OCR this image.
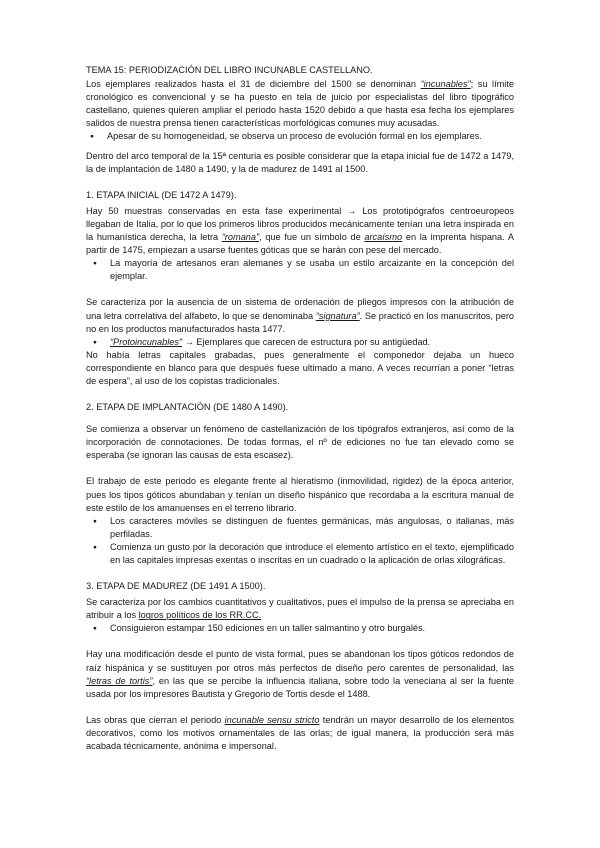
TEMA 15: PERIODIZACIÓN DEL LIBRO INCUNABLE CASTELLANO.

Los ejemplares realizados hasta el 31 de diciembre del 1500 se denominan “incunables”; su límite cronológico es convencional y se ha puesto en tela de juicio por especialistas del libro tipográfico castellano, quienes quieren ampliar el periodo hasta 1520 debido a que hasta esa fecha los ejemplares salidos de nuestra prensa tienen características morfológicas comunes muy acusadas.

● Apesar de su homogeneidad, se observa un proceso de evolución formal en los ejemplares.

Dentro del arco temporal de la 15ª centuria es posible considerar que la etapa inicial fue de 1472 a 1479, la de implantación de 1480 a 1490, y la de madurez de 1491 al 1500.

1. ETAPA INICIAL (DE 1472 A 1479).

Hay 50 muestras conservadas en esta fase experimental → Los prototipógrafos centroeuropeos llegaban de Italia, por lo que los primeros libros producidos mecánicamente tenían una letra inspirada en la humanística derecha, la letra “romana”, que fue un símbolo de arcaísmo en la imprenta hispana. A partir de 1475, empiezan a usarse fuentes góticas que se harán con pese del mercado.

● La mayoría de artesanos eran alemanes y se usaba un estilo arcaizante en la concepción del ejemplar.

Se caracteriza por la ausencia de un sistema de ordenación de pliegos impresos con la atribución de una letra correlativa del alfabeto, lo que se denominaba “signatura”. Se practicó en los manuscritos, pero no en los productos manufacturados hasta 1477.

● “Protoincunables” → Ejemplares que carecen de estructura por su antigüedad.

No había letras capitales grabadas, pues generalmente el componedor dejaba un hueco correspondiente en blanco para que después fuese ultimado a mano. A veces recurrían a poner “letras de espera”, al uso de los copistas tradicionales.

2. ETAPA DE IMPLANTACIÓN (DE 1480 A 1490).

Se comienza a observar un fenómeno de castellanización de los tipógrafos extranjeros, así como de la incorporación de connotaciones. De todas formas, el nº de ediciones no fue tan elevado como se esperaba (se ignoran las causas de esta escasez).

El trabajo de este periodo es elegante frente al hieratismo (inmovilidad, rigidez) de la época anterior, pues los tipos góticos abundaban y tenían un diseño hispánico que recordaba a la escritura manual de este estilo de los amanuenses en el terreno librario.

● Los caracteres móviles se distinguen de fuentes germánicas, más angulosas, o italianas, más perfiladas.
● Comienza un gusto por la decoración que introduce el elemento artístico en el texto, ejemplificado en las capitales impresas exentas o inscritas en un cuadrado o la aplicación de orlas xilográficas.
3. ETAPA DE MADUREZ (DE 1491 A 1500).

Se caracteriza por los cambios cuantitativos y cualitativos, pues el impulso de la prensa se apreciaba en atribuir a los logros políticos de los RR.CC.

● Consiguieron estampar 150 ediciones en un taller salmantino y otro burgalés.

Hay una modificación desde el punto de vista formal, pues se abandonan los tipos góticos redondos de raíz hispánica y se sustituyen por otros más perfectos de diseño pero carentes de personalidad, las “letras de tortis”, en las que se percibe la influencia italiana, sobre todo la veneciana al ser la fuente usada por los impresores Bautista y Gregorio de Tortis desde el 1488.

Las obras que cierran el periodo incunable sensu stricto tendrán un mayor desarrollo de los elementos decorativos, como los motivos ornamentales de las orlas; de igual manera, la producción será más acabada técnicamente, anónima e impersonal.
